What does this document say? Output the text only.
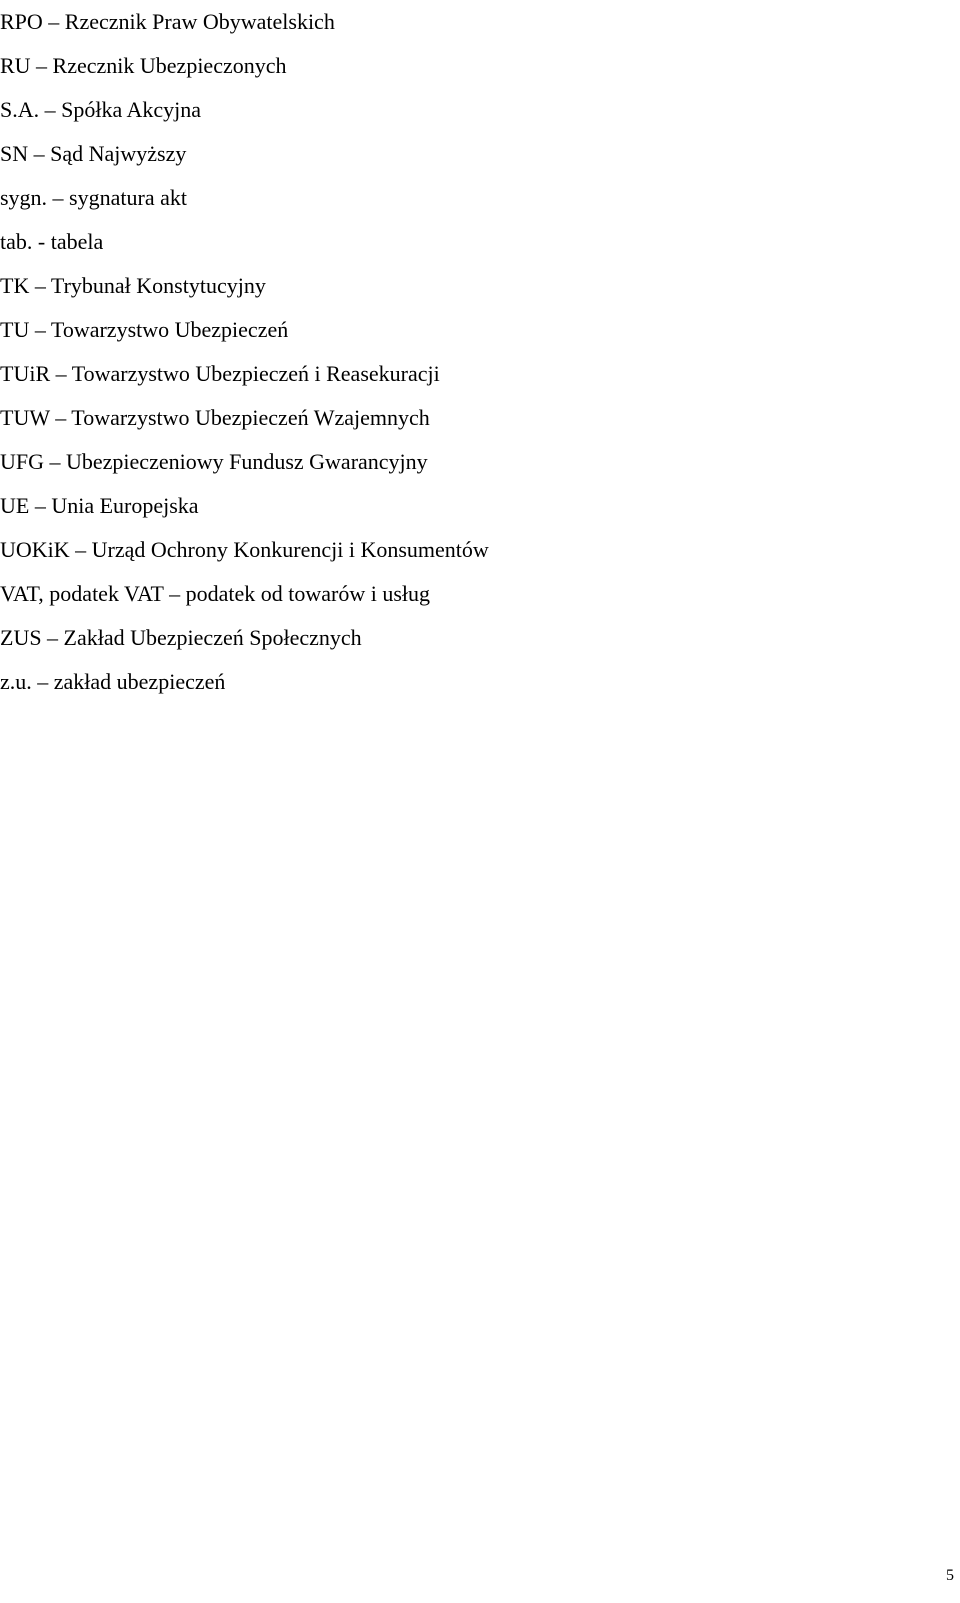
RPO – Rzecznik Praw Obywatelskich
RU – Rzecznik Ubezpieczonych
S.A. – Spółka Akcyjna
SN – Sąd Najwyższy
sygn. – sygnatura akt
tab. - tabela
TK – Trybunał Konstytucyjny
TU – Towarzystwo Ubezpieczeń
TUiR – Towarzystwo Ubezpieczeń i Reasekuracji
TUW – Towarzystwo Ubezpieczeń Wzajemnych
UFG – Ubezpieczeniowy Fundusz Gwarancyjny
UE – Unia Europejska
UOKiK – Urząd Ochrony Konkurencji i Konsumentów
VAT, podatek VAT – podatek od towarów i usług
ZUS – Zakład Ubezpieczeń Społecznych
z.u. – zakład ubezpieczeń
5
